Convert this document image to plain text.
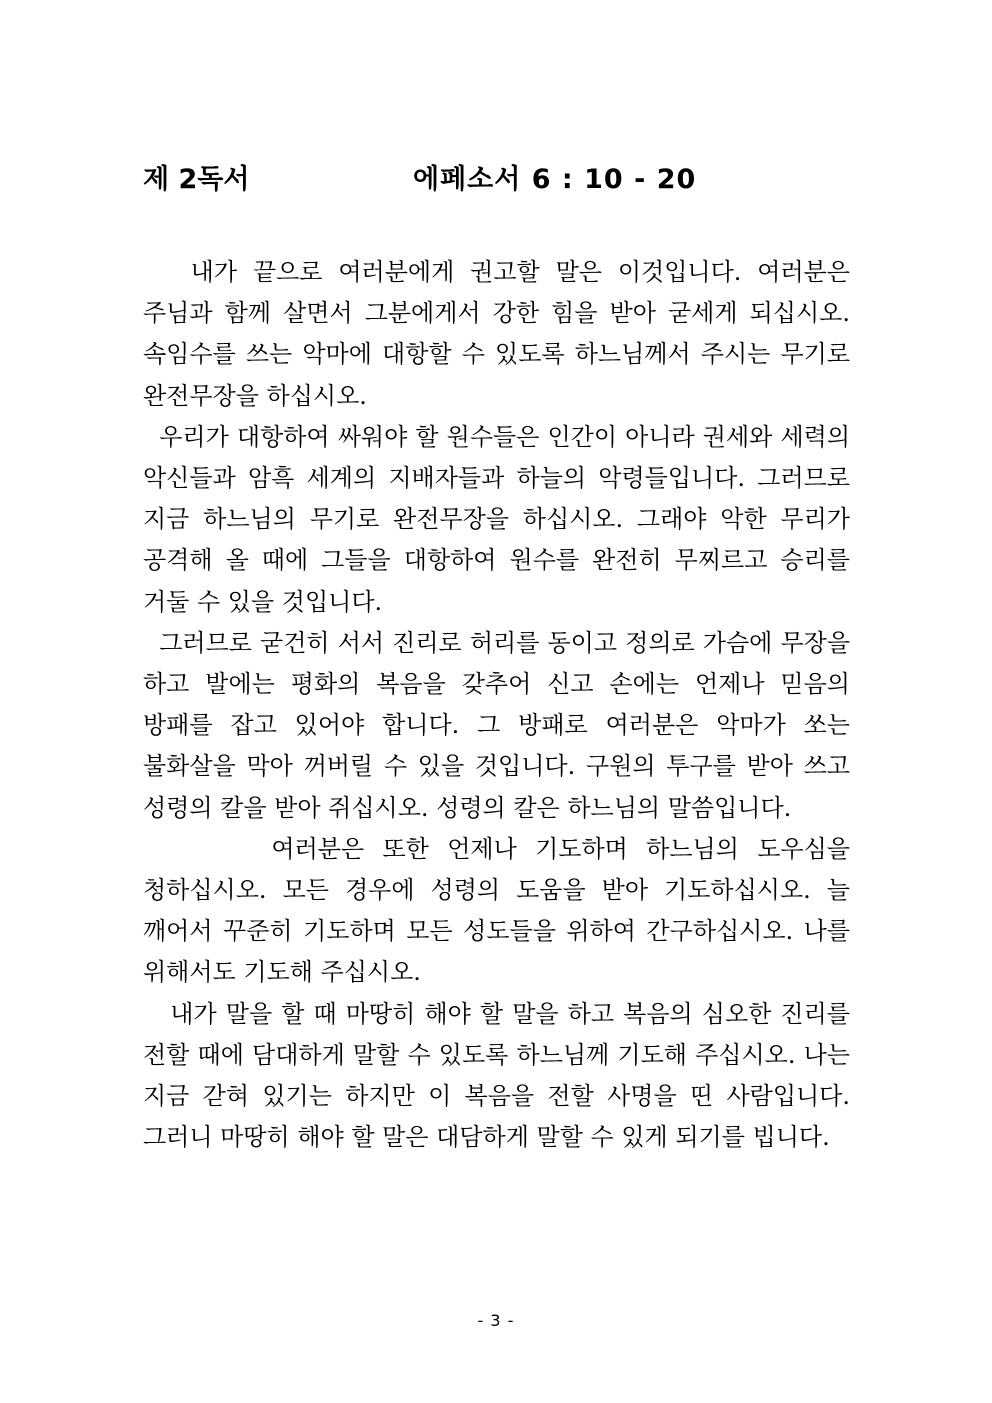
제 2독서	에페소서 6 : 10 - 20

내가 끝으로 여러분에게 권고할 말은 이것입니다. 여러분은 주님과 함께 살면서 그분에게서 강한 힘을 받아 굳세게 되십시오. 속임수를 쓰는 악마에 대항할 수 있도록 하느님께서 주시는 무기로 완전무장을 하십시오.

우리가 대항하여 싸워야 할 원수들은 인간이 아니라 권세와 세력의 악신들과 암흑 세계의 지배자들과 하늘의 악령들입니다. 그러므로 지금 하느님의 무기로 완전무장을 하십시오. 그래야 악한 무리가 공격해 올 때에 그들을 대항하여 원수를 완전히 무찌르고 승리를 거둘 수 있을 것입니다.

그러므로 굳건히 서서 진리로 허리를 동이고 정의로 가슴에 무장을 하고 발에는 평화의 복음을 갖추어 신고 손에는 언제나 믿음의 방패를 잡고 있어야 합니다. 그 방패로 여러분은 악마가 쏘는 불화살을 막아 꺼버릴 수 있을 것입니다. 구원의 투구를 받아 쓰고 성령의 칼을 받아 쥐십시오. 성령의 칼은 하느님의 말씀입니다.

여러분은 또한 언제나 기도하며 하느님의 도우심을 청하십시오. 모든 경우에 성령의 도움을 받아 기도하십시오. 늘 깨어서 꾸준히 기도하며 모든 성도들을 위하여 간구하십시오. 나를 위해서도 기도해 주십시오.

내가 말을 할 때 마땅히 해야 할 말을 하고 복음의 심오한 진리를 전할 때에 담대하게 말할 수 있도록 하느님께 기도해 주십시오. 나는 지금 갇혀 있기는 하지만 이 복음을 전할 사명을 띤 사람입니다. 그러니 마땅히 해야 할 말은 대담하게 말할 수 있게 되기를 빕니다.

- 3 -
